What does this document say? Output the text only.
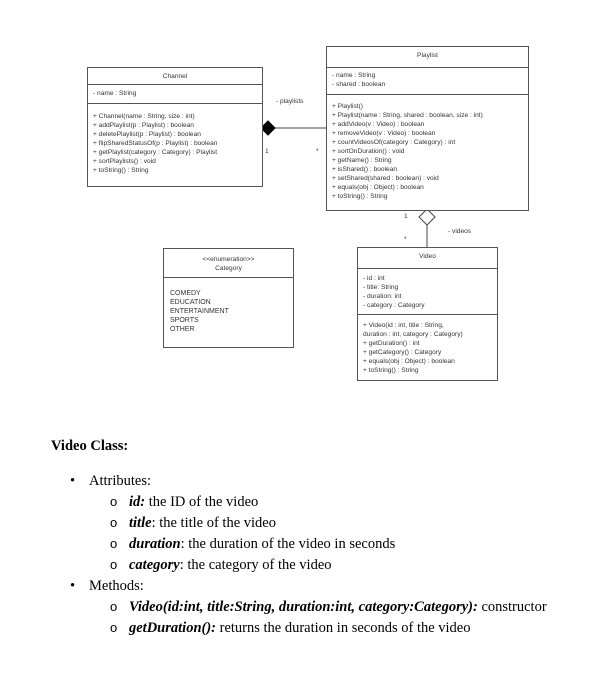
Channel
- name : String
+ Channel(name : String, size : int)
+ addPlaylist(p : Playlist) : boolean
+ deletePlaylist(p : Playlist) : boolean
+ flipSharedStatusOf(p : Playlist) : boolean
+ getPlaylist(category : Category) : Playlist
+ sortPlaylists() : void
+ toString() : String
Playlist
- name : String
- shared : boolean
+ Playlist()
+ Playlist(name : String, shared : boolean, size : int)
+ addVideo(v : Video) : boolean
+ removeVideo(v : Video) : boolean
+ countVideosOf(category : Category) : int
+ sortOnDuration() : void
+ getName() : String
+ isShared() : boolean
+ setShared(shared : boolean) : void
+ equals(obj : Object) : boolean
+ toString() : String
<<enumeration>>
Category
COMEDY
EDUCATION
ENTERTAINMENT
SPORTS
OTHER
Video
- id : int
- title: String
- duration: int
- category : Category
+ Video(id : int, title : String,
duration : int, category : Category)
+ getDuration() : int
+ getCategory() : Category
+ equals(obj : Object) : boolean
+ toString() : String
- playlists
1	*
- videos
1
*
Video Class:
• Attributes:
o id: the ID of the video
o title: the title of the video
o duration: the duration of the video in seconds
o category: the category of the video
• Methods:
o Video(id:int, title:String, duration:int, category:Category): constructor
o getDuration(): returns the duration in seconds of the video
